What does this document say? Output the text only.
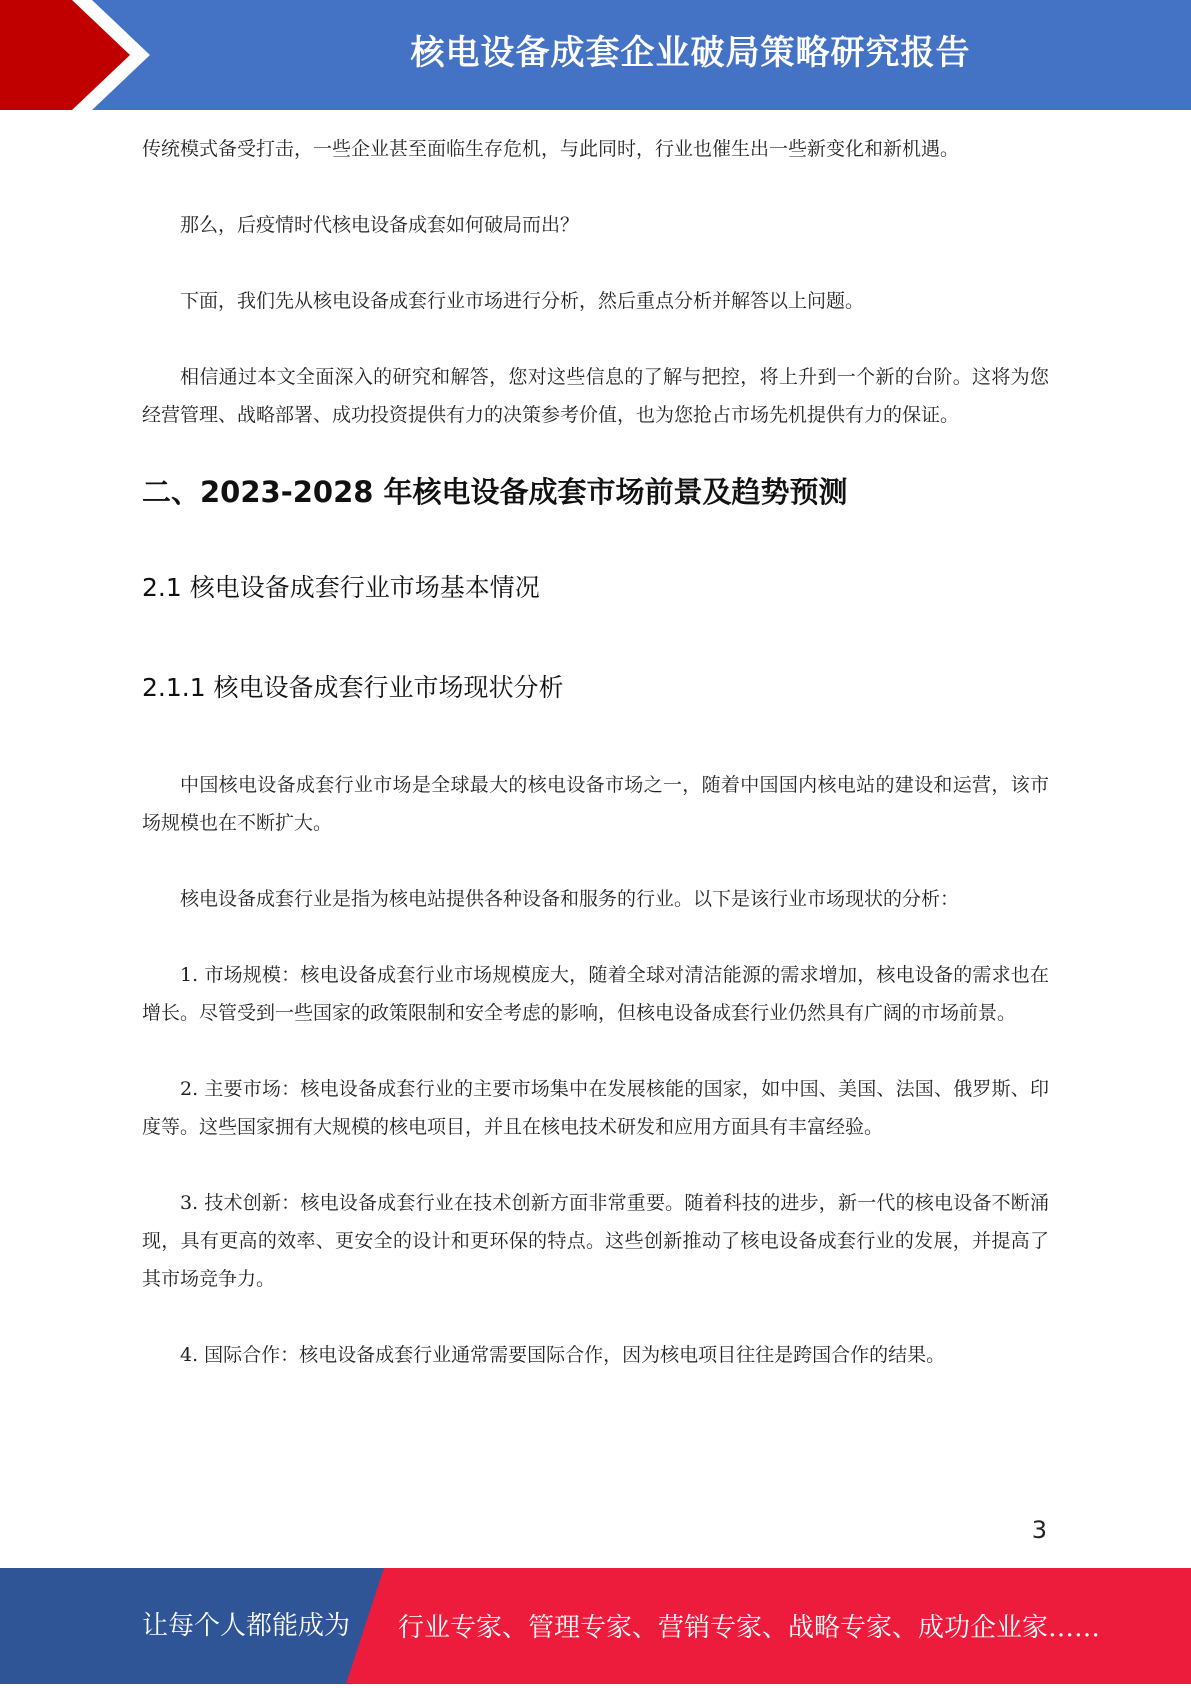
核电设备成套企业破局策略研究报告

传统模式备受打击，一些企业甚至面临生存危机，与此同时，行业也催生出一些新变化和新机遇。

那么，后疫情时代核电设备成套如何破局而出？

下面，我们先从核电设备成套行业市场进行分析，然后重点分析并解答以上问题。

相信通过本文全面深入的研究和解答，您对这些信息的了解与把控，将上升到一个新的台阶。这将为您经营管理、战略部署、成功投资提供有力的决策参考价值，也为您抢占市场先机提供有力的保证。

二、2023-2028 年核电设备成套市场前景及趋势预测
2.1 核电设备成套行业市场基本情况
2.1.1 核电设备成套行业市场现状分析

中国核电设备成套行业市场是全球最大的核电设备市场之一，随着中国国内核电站的建设和运营，该市场规模也在不断扩大。

核电设备成套行业是指为核电站提供各种设备和服务的行业。以下是该行业市场现状的分析：

1. 市场规模：核电设备成套行业市场规模庞大，随着全球对清洁能源的需求增加，核电设备的需求也在增长。尽管受到一些国家的政策限制和安全考虑的影响，但核电设备成套行业仍然具有广阔的市场前景。

2. 主要市场：核电设备成套行业的主要市场集中在发展核能的国家，如中国、美国、法国、俄罗斯、印度等。这些国家拥有大规模的核电项目，并且在核电技术研发和应用方面具有丰富经验。

3. 技术创新：核电设备成套行业在技术创新方面非常重要。随着科技的进步，新一代的核电设备不断涌现，具有更高的效率、更安全的设计和更环保的特点。这些创新推动了核电设备成套行业的发展，并提高了其市场竞争力。

4. 国际合作：核电设备成套行业通常需要国际合作，因为核电项目往往是跨国合作的结果。

3
让每个人都能成为 行业专家、管理专家、营销专家、战略专家、成功企业家……
